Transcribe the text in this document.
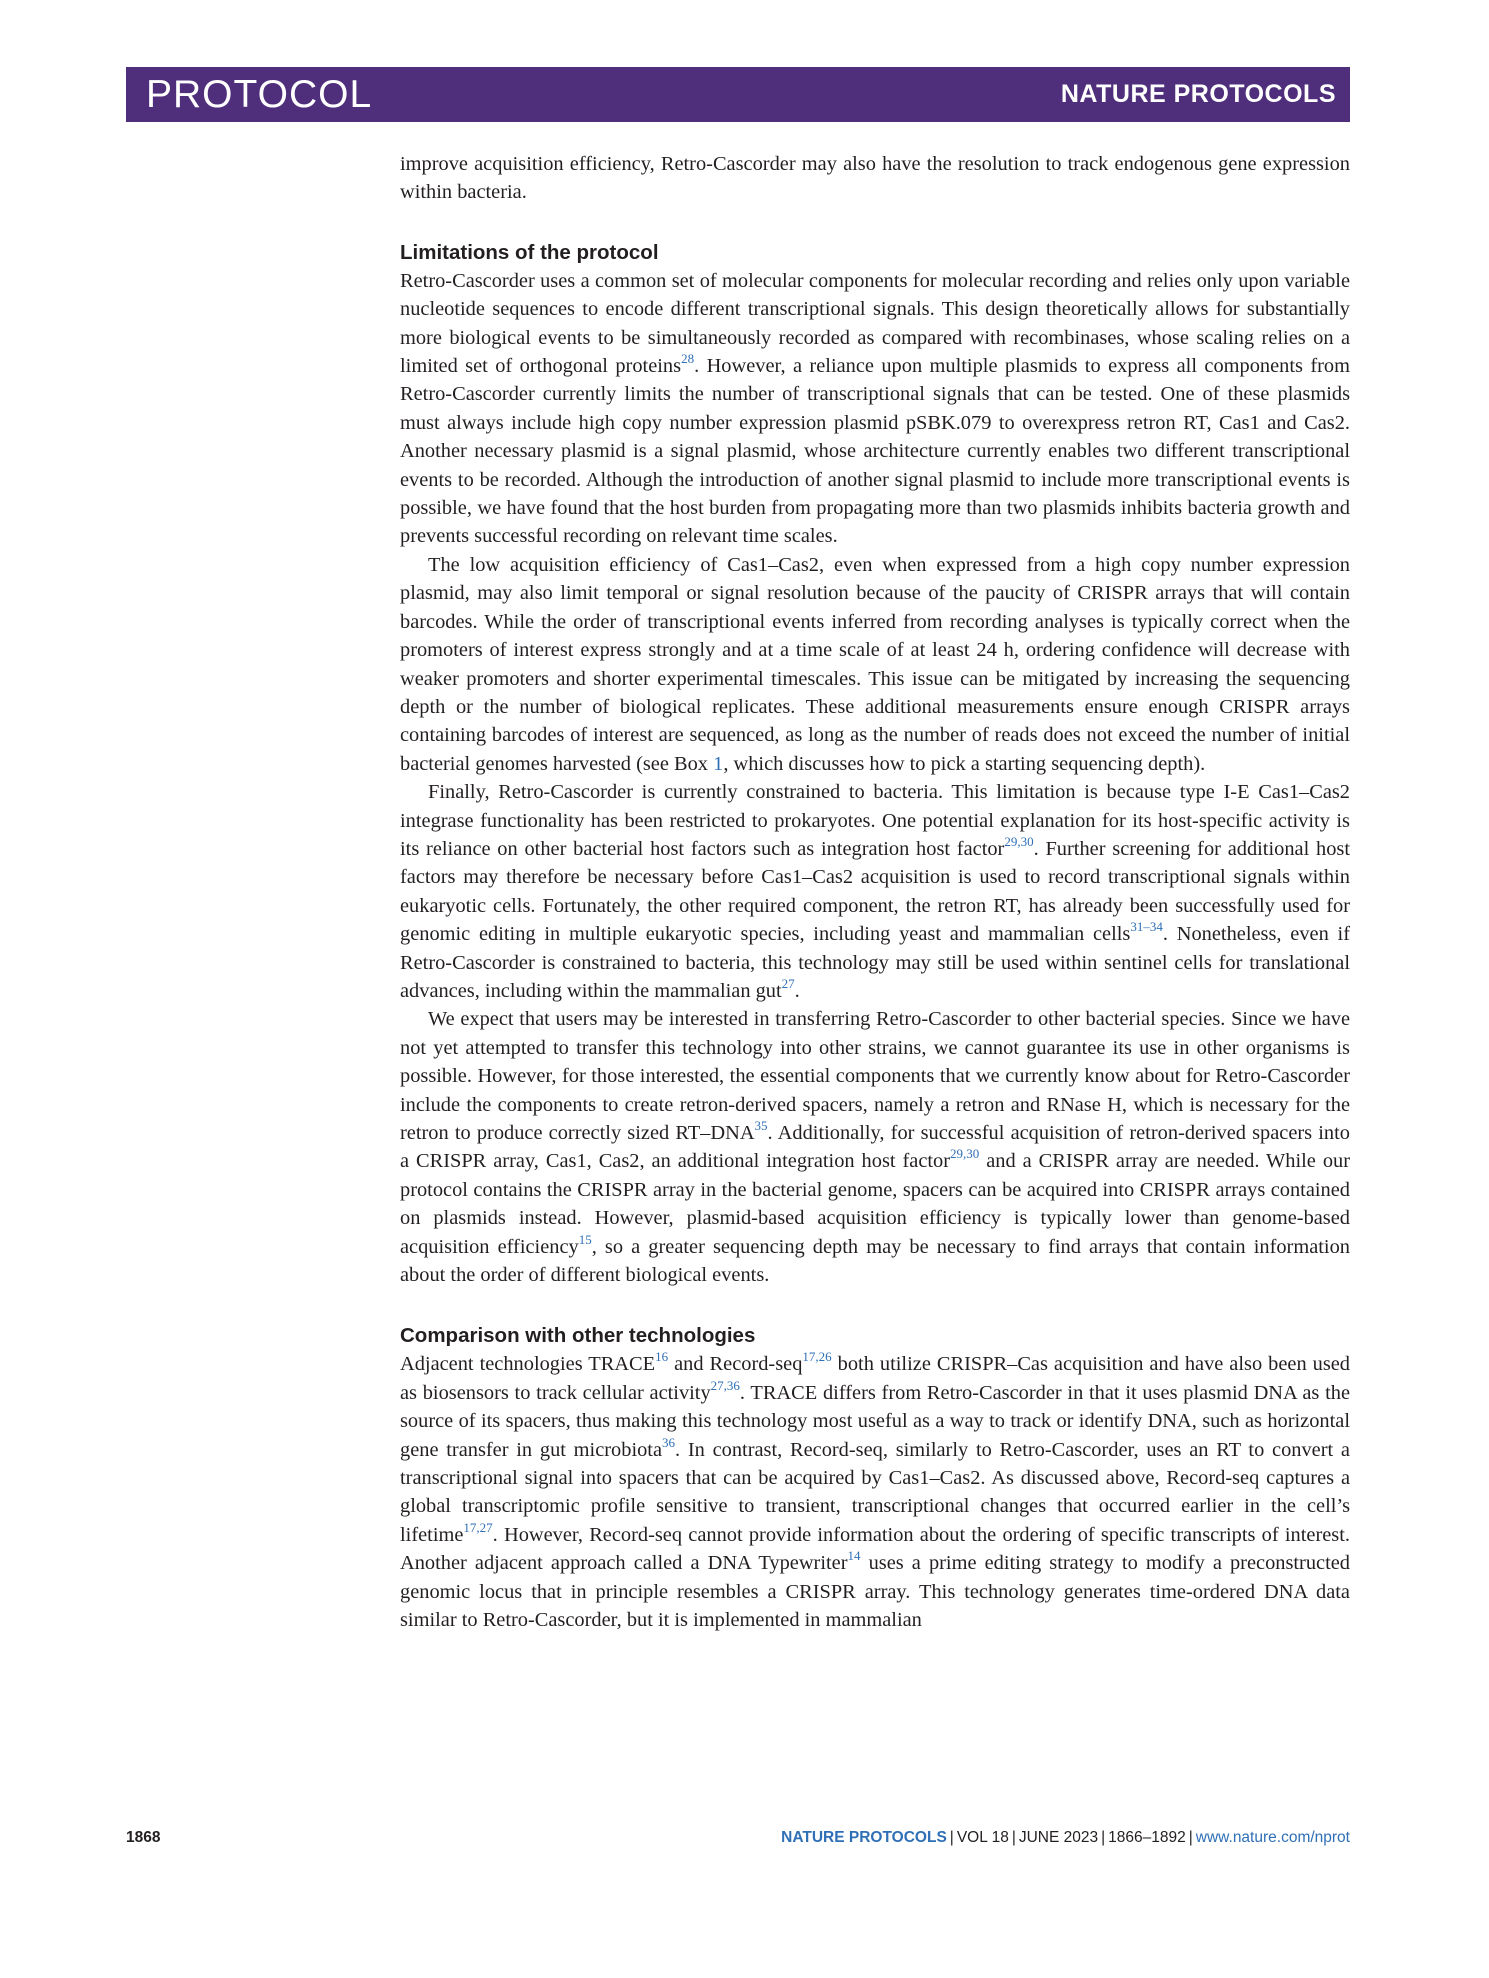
PROTOCOL	NATURE PROTOCOLS

improve acquisition efficiency, Retro-Cascorder may also have the resolution to track endogenous gene expression within bacteria.

Limitations of the protocol

Retro-Cascorder uses a common set of molecular components for molecular recording and relies only upon variable nucleotide sequences to encode different transcriptional signals. This design theoretically allows for substantially more biological events to be simultaneously recorded as compared with recombinases, whose scaling relies on a limited set of orthogonal proteins$^{28}$. However, a reliance upon multiple plasmids to express all components from Retro-Cascorder currently limits the number of transcriptional signals that can be tested. One of these plasmids must always include high copy number expression plasmid pSBK.079 to overexpress retron RT, Cas1 and Cas2. Another necessary plasmid is a signal plasmid, whose architecture currently enables two different transcriptional events to be recorded. Although the introduction of another signal plasmid to include more transcriptional events is possible, we have found that the host burden from propagating more than two plasmids inhibits bacteria growth and prevents successful recording on relevant time scales.

The low acquisition efficiency of Cas1–Cas2, even when expressed from a high copy number expression plasmid, may also limit temporal or signal resolution because of the paucity of CRISPR arrays that will contain barcodes. While the order of transcriptional events inferred from recording analyses is typically correct when the promoters of interest express strongly and at a time scale of at least 24 h, ordering confidence will decrease with weaker promoters and shorter experimental timescales. This issue can be mitigated by increasing the sequencing depth or the number of biological replicates. These additional measurements ensure enough CRISPR arrays containing barcodes of interest are sequenced, as long as the number of reads does not exceed the number of initial bacterial genomes harvested (see Box 1, which discusses how to pick a starting sequencing depth).

Finally, Retro-Cascorder is currently constrained to bacteria. This limitation is because type I-E Cas1–Cas2 integrase functionality has been restricted to prokaryotes. One potential explanation for its host-specific activity is its reliance on other bacterial host factors such as integration host factor$^{29,30}$. Further screening for additional host factors may therefore be necessary before Cas1–Cas2 acquisition is used to record transcriptional signals within eukaryotic cells. Fortunately, the other required component, the retron RT, has already been successfully used for genomic editing in multiple eukaryotic species, including yeast and mammalian cells$^{31-34}$. Nonetheless, even if Retro-Cascorder is constrained to bacteria, this technology may still be used within sentinel cells for translational advances, including within the mammalian gut$^{27}$.

We expect that users may be interested in transferring Retro-Cascorder to other bacterial species. Since we have not yet attempted to transfer this technology into other strains, we cannot guarantee its use in other organisms is possible. However, for those interested, the essential components that we currently know about for Retro-Cascorder include the components to create retron-derived spacers, namely a retron and RNase H, which is necessary for the retron to produce correctly sized RT–DNA$^{35}$. Additionally, for successful acquisition of retron-derived spacers into a CRISPR array, Cas1, Cas2, an additional integration host factor$^{29,30}$ and a CRISPR array are needed. While our protocol contains the CRISPR array in the bacterial genome, spacers can be acquired into CRISPR arrays contained on plasmids instead. However, plasmid-based acquisition efficiency is typically lower than genome-based acquisition efficiency$^{15}$, so a greater sequencing depth may be necessary to find arrays that contain information about the order of different biological events.

Comparison with other technologies

Adjacent technologies TRACE$^{16}$ and Record-seq$^{17,26}$ both utilize CRISPR–Cas acquisition and have also been used as biosensors to track cellular activity$^{27,36}$. TRACE differs from Retro-Cascorder in that it uses plasmid DNA as the source of its spacers, thus making this technology most useful as a way to track or identify DNA, such as horizontal gene transfer in gut microbiota$^{36}$. In contrast, Record-seq, similarly to Retro-Cascorder, uses an RT to convert a transcriptional signal into spacers that can be acquired by Cas1–Cas2. As discussed above, Record-seq captures a global transcriptomic profile sensitive to transient, transcriptional changes that occurred earlier in the cell’s lifetime$^{17,27}$. However, Record-seq cannot provide information about the ordering of specific transcripts of interest. Another adjacent approach called a DNA Typewriter$^{14}$ uses a prime editing strategy to modify a preconstructed genomic locus that in principle resembles a CRISPR array. This technology generates time-ordered DNA data similar to Retro-Cascorder, but it is implemented in mammalian

1868	NATURE PROTOCOLS | VOL 18 | JUNE 2023 | 1866–1892 | www.nature.com/nprot
